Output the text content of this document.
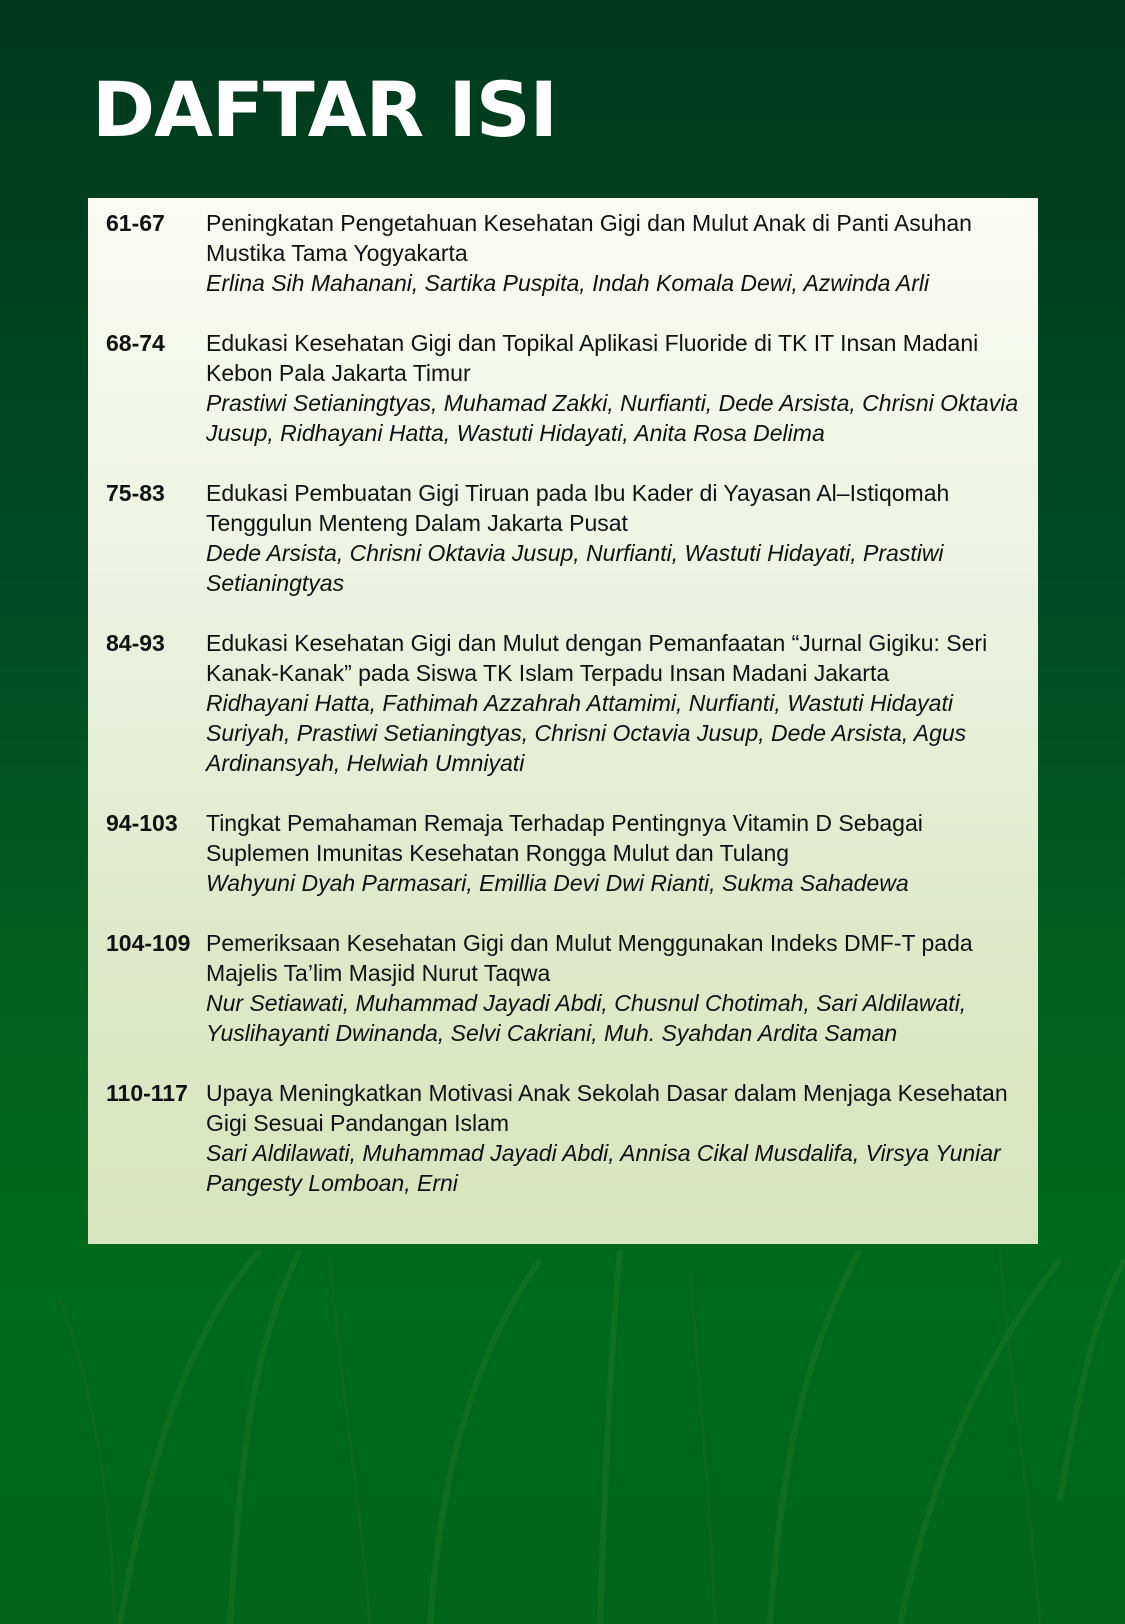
DAFTAR ISI
61-67	Peningkatan Pengetahuan Kesehatan Gigi dan Mulut Anak di Panti Asuhan Mustika Tama Yogyakarta
Erlina Sih Mahanani, Sartika Puspita, Indah Komala Dewi, Azwinda Arli
68-74	Edukasi Kesehatan Gigi dan Topikal Aplikasi Fluoride di TK IT Insan Madani Kebon Pala Jakarta Timur
Prastiwi Setianingtyas, Muhamad Zakki, Nurfianti, Dede Arsista, Chrisni Oktavia Jusup, Ridhayani Hatta, Wastuti Hidayati, Anita Rosa Delima
75-83	Edukasi Pembuatan Gigi Tiruan pada Ibu Kader di Yayasan Al–Istiqomah Tenggulun Menteng Dalam Jakarta Pusat
Dede Arsista, Chrisni Oktavia Jusup, Nurfianti, Wastuti Hidayati, Prastiwi Setianingtyas
84-93	Edukasi Kesehatan Gigi dan Mulut dengan Pemanfaatan “Jurnal Gigiku: Seri Kanak-Kanak” pada Siswa TK Islam Terpadu Insan Madani Jakarta
Ridhayani Hatta, Fathimah Azzahrah Attamimi, Nurfianti, Wastuti Hidayati Suriyah, Prastiwi Setianingtyas, Chrisni Octavia Jusup, Dede Arsista, Agus Ardinansyah, Helwiah Umniyati
94-103	Tingkat Pemahaman Remaja Terhadap Pentingnya Vitamin D Sebagai Suplemen Imunitas Kesehatan Rongga Mulut dan Tulang
Wahyuni Dyah Parmasari, Emillia Devi Dwi Rianti, Sukma Sahadewa
104-109 Pemeriksaan Kesehatan Gigi dan Mulut Menggunakan Indeks DMF-T pada Majelis Ta’lim Masjid Nurut Taqwa
Nur Setiawati, Muhammad Jayadi Abdi, Chusnul Chotimah, Sari Aldilawati, Yuslihayanti Dwinanda, Selvi Cakriani, Muh. Syahdan Ardita Saman
110-117 Upaya Meningkatkan Motivasi Anak Sekolah Dasar dalam Menjaga Kesehatan Gigi Sesuai Pandangan Islam
Sari Aldilawati, Muhammad Jayadi Abdi, Annisa Cikal Musdalifa, Virsya Yuniar Pangesty Lomboan, Erni
